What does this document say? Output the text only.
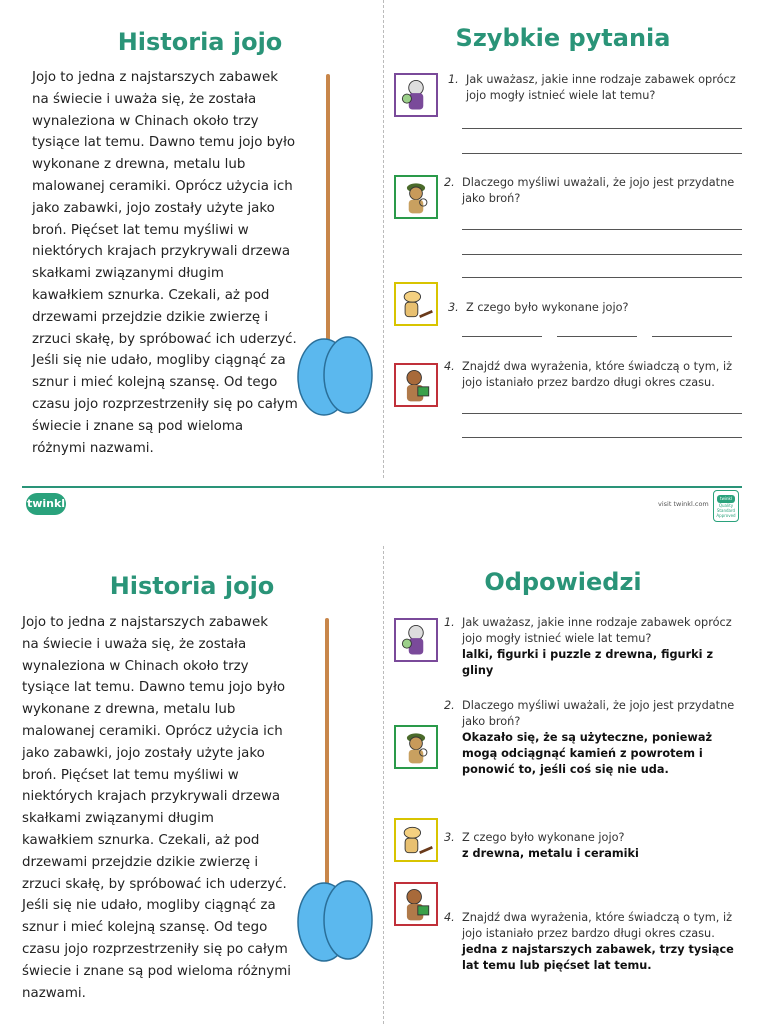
Historia jojo	Szybkie pytania
Jojo to jedna z najstarszych zabawek
na świecie i uważa się, że została
wynaleziona w Chinach około trzy
tysiące lat temu. Dawno temu jojo było
wykonane z drewna, metalu lub
malowanej ceramiki. Oprócz użycia ich
jako zabawki, jojo zostały użyte jako
broń. Pięćset lat temu myśliwi w
niektórych krajach przykrywali drzewa
skałkami związanymi długim
kawałkiem sznurka. Czekali, aż pod
drzewami przejdzie dzikie zwierzę i
zrzuci skałę, by spróbować ich uderzyć.
Jeśli się nie udało, mogliby ciągnąć za
sznur i mieć kolejną szansę. Od tego
czasu jojo rozprzestrzeniły się po całym
świecie i znane są pod wieloma
różnymi nazwami.
1. Jak uważasz, jakie inne rodzaje zabawek oprócz jojo mogły istnieć wiele lat temu?
2. Dlaczego myśliwi uważali, że jojo jest przydatne jako broń?
3. Z czego było wykonane jojo?
4. Znajdź dwa wyrażenia, które świadczą o tym, iż jojo istaniało przez bardzo długi okres czasu.
twinkl	visit twinkl.com
twinkl
Quality Standard Approved
Historia jojo	Odpowiedzi
Jojo to jedna z najstarszych zabawek
na świecie i uważa się, że została
wynaleziona w Chinach około trzy
tysiące lat temu. Dawno temu jojo było
wykonane z drewna, metalu lub
malowanej ceramiki. Oprócz użycia ich
jako zabawki, jojo zostały użyte jako
broń. Pięćset lat temu myśliwi w
niektórych krajach przykrywali drzewa
skałkami związanymi długim
kawałkiem sznurka. Czekali, aż pod
drzewami przejdzie dzikie zwierzę i
zrzuci skałę, by spróbować ich uderzyć.
Jeśli się nie udało, mogliby ciągnąć za
sznur i mieć kolejną szansę. Od tego
czasu jojo rozprzestrzeniły się po całym
świecie i znane są pod wieloma różnymi
nazwami.
1. Jak uważasz, jakie inne rodzaje zabawek oprócz jojo mogły istnieć wiele lat temu?
lalki, figurki i puzzle z drewna, figurki z gliny
2. Dlaczego myśliwi uważali, że jojo jest przydatne jako broń?
Okazało się, że są użyteczne, ponieważ mogą odciągnąć kamień z powrotem i ponowić to, jeśli coś się nie uda.
3. Z czego było wykonane jojo?
z drewna, metalu i ceramiki
4. Znajdź dwa wyrażenia, które świadczą o tym, iż jojo istaniało przez bardzo długi okres czasu.
jedna z najstarszych zabawek, trzy tysiące lat temu lub pięćset lat temu.
